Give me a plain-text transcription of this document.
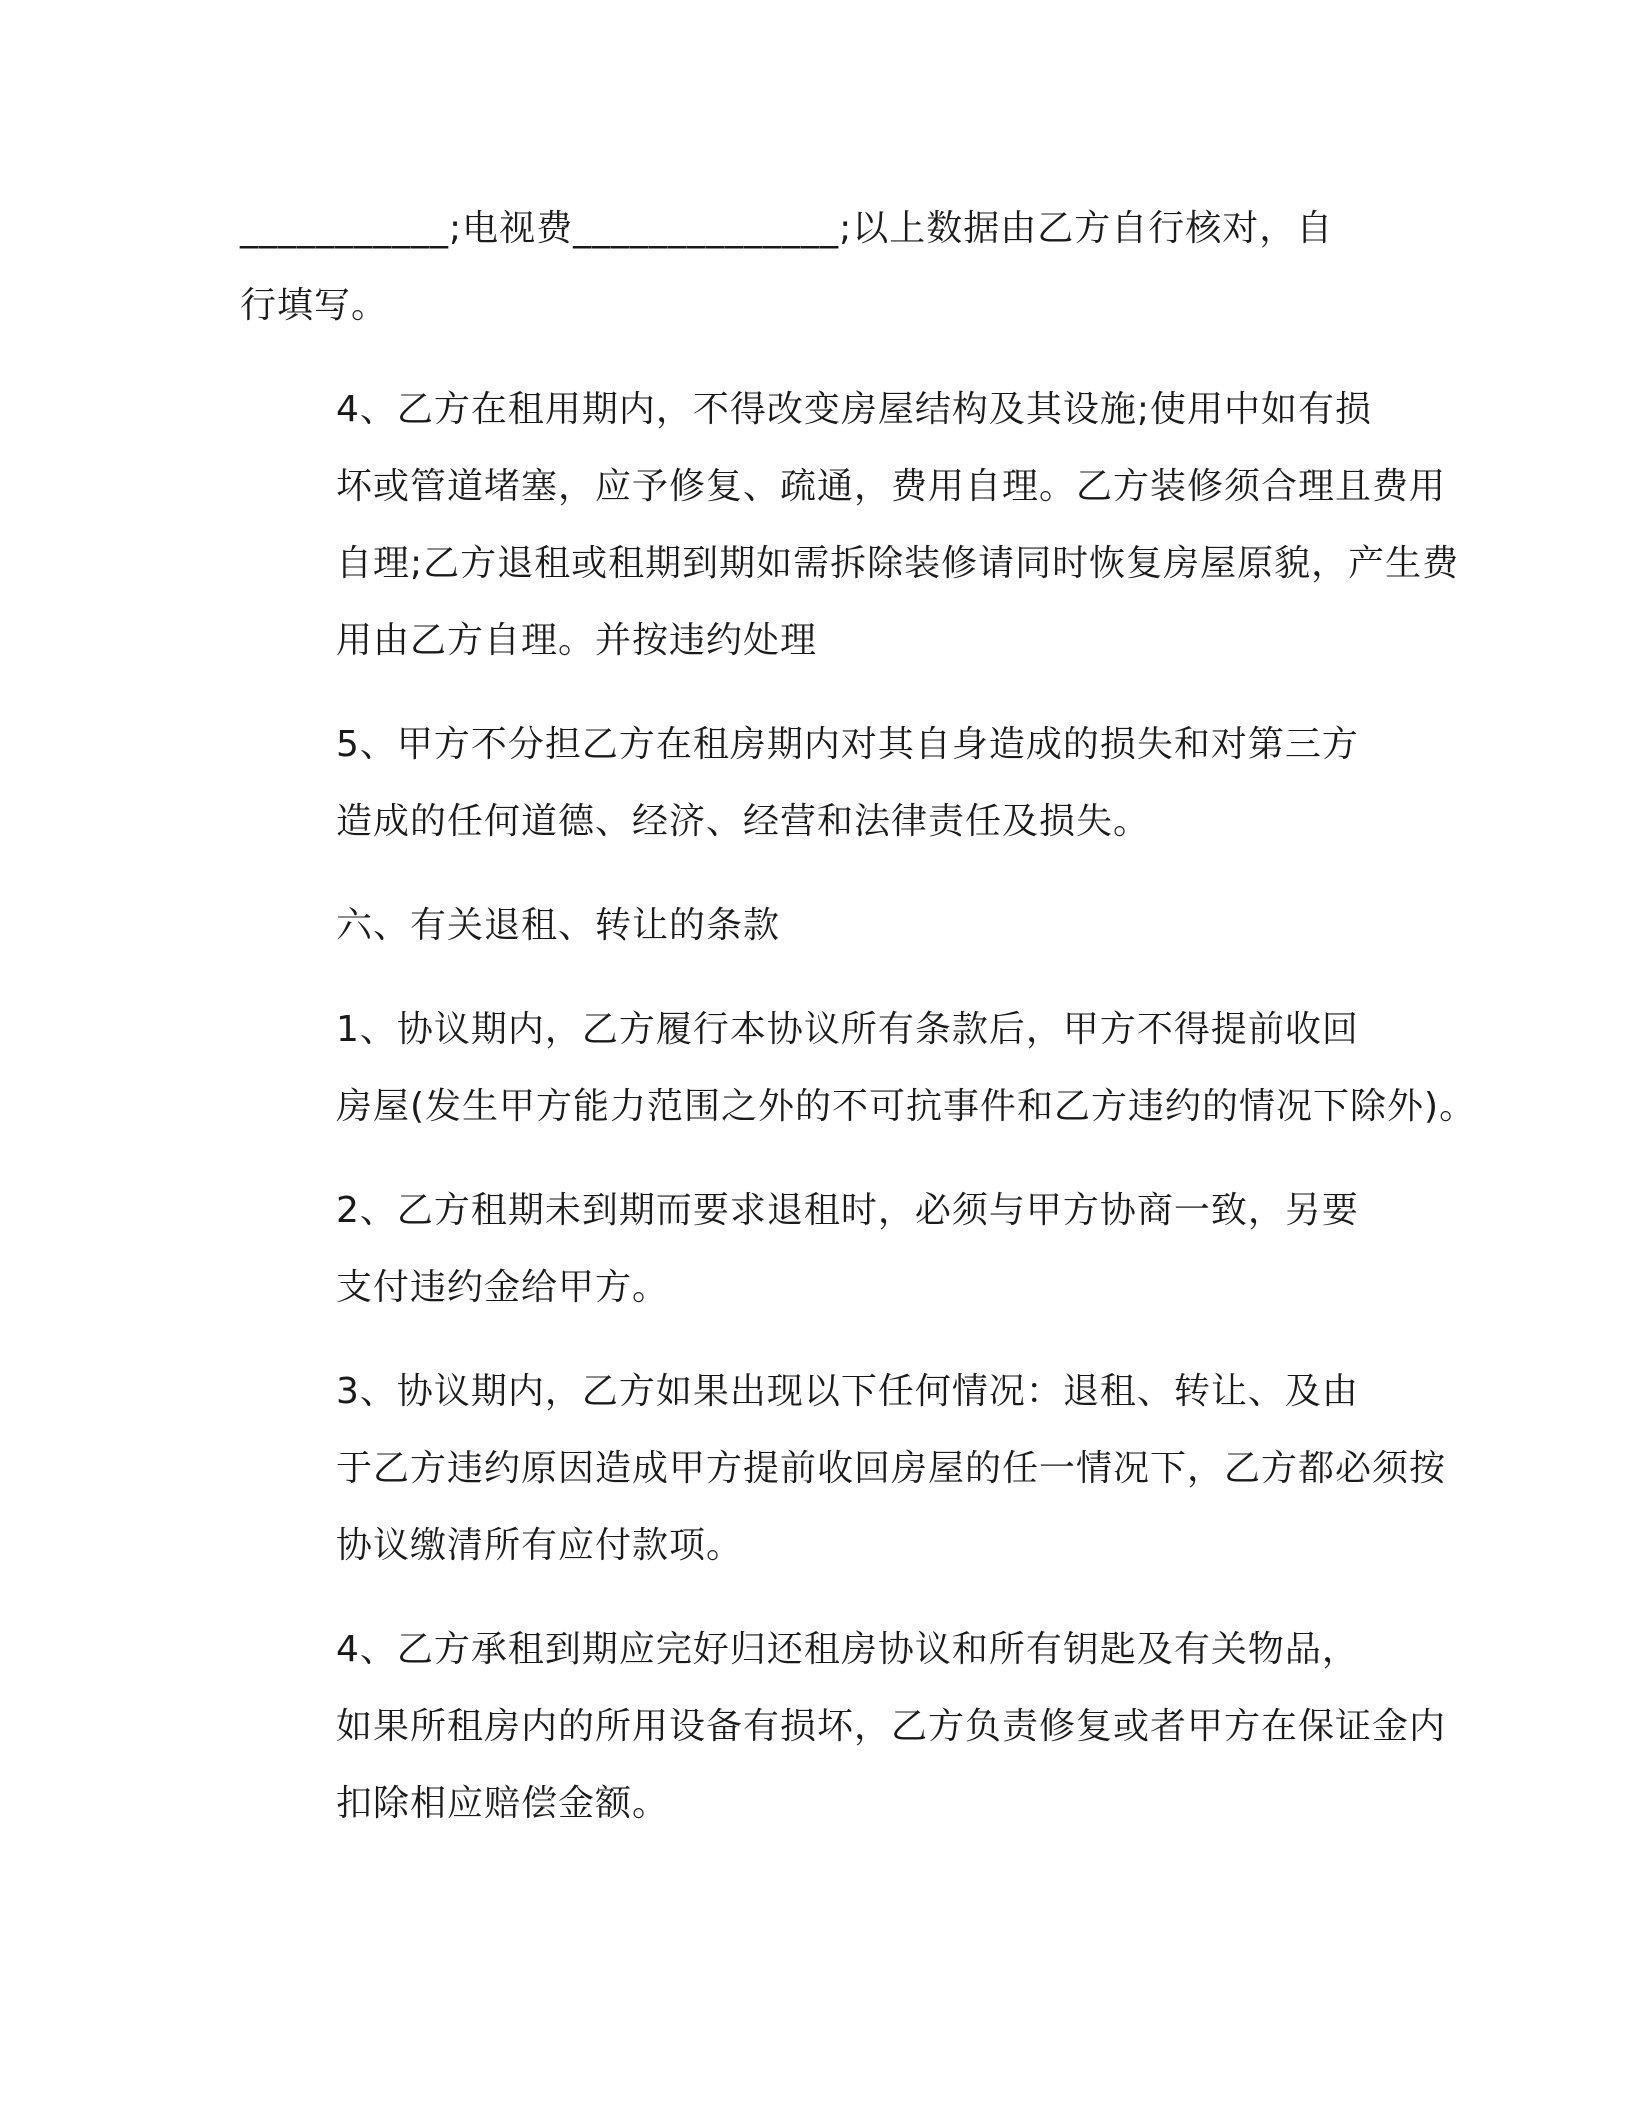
___________;电视费______________;以上数据由乙方自行核对，自
行填写。

4、乙方在租用期内，不得改变房屋结构及其设施;使用中如有损
坏或管道堵塞，应予修复、疏通，费用自理。乙方装修须合理且费用
自理;乙方退租或租期到期如需拆除装修请同时恢复房屋原貌，产生费
用由乙方自理。并按违约处理

5、甲方不分担乙方在租房期内对其自身造成的损失和对第三方
造成的任何道德、经济、经营和法律责任及损失。

六、有关退租、转让的条款

1、协议期内，乙方履行本协议所有条款后，甲方不得提前收回
房屋(发生甲方能力范围之外的不可抗事件和乙方违约的情况下除外)。

2、乙方租期未到期而要求退租时，必须与甲方协商一致，另要
支付违约金给甲方。

3、协议期内，乙方如果出现以下任何情况：退租、转让、及由
于乙方违约原因造成甲方提前收回房屋的任一情况下，乙方都必须按
协议缴清所有应付款项。

4、乙方承租到期应完好归还租房协议和所有钥匙及有关物品，
如果所租房内的所用设备有损坏，乙方负责修复或者甲方在保证金内
扣除相应赔偿金额。
